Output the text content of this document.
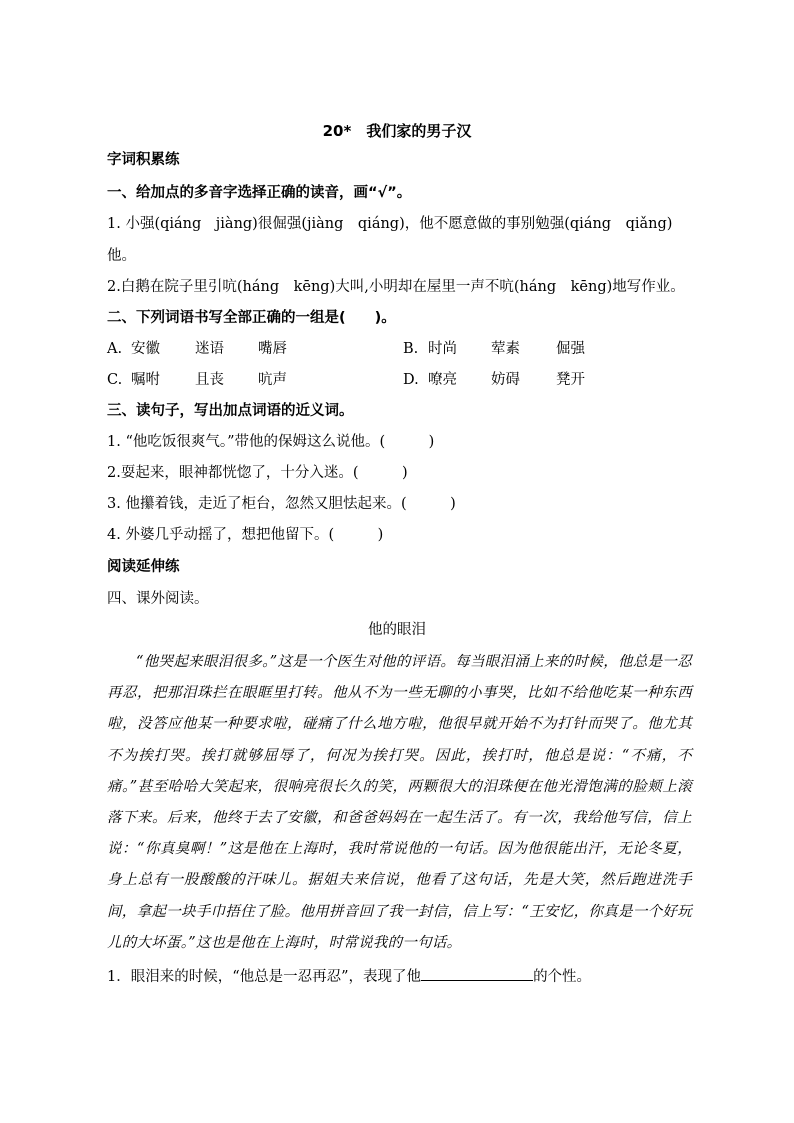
20*　我们家的男子汉
字词积累练
一、给加点的多音字选择正确的读音，画“√”。
1. 小强(qiáng　jiàng)很倔强(jiàng　qiáng)，他不愿意做的事别勉强(qiáng　qiǎng)
他。
2.白鹅在院子里引吭(háng　kēng)大叫,小明却在屋里一声不吭(háng　kēng)地写作业。
二、下列词语书写全部正确的一组是(　　)。
A. 安徽 迷语 嘴唇	B. 时尚 荤素 倔强
C. 嘱咐 且丧 吭声	D. 嘹亮 妨碍 凳开
三、读句子，写出加点词语的近义词。
1. “他吃饭很爽气。”带他的保姆这么说他。(　　　)
2.耍起来，眼神都恍惚了，十分入迷。(　　　)
3. 他攥着钱，走近了柜台，忽然又胆怯起来。(　　　)
4. 外婆几乎动摇了，想把他留下。(　　　)
阅读延伸练
四、课外阅读。
他的眼泪
“他哭起来眼泪很多。”这是一个医生对他的评语。每当眼泪涌上来的时候，他总是一忍再忍，把那泪珠拦在眼眶里打转。他从不为一些无聊的小事哭，比如不给他吃某一种东西啦，没答应他某一种要求啦，碰痛了什么地方啦，他很早就开始不为打针而哭了。他尤其不为挨打哭。挨打就够屈辱了，何况为挨打哭。因此，挨打时，他总是说：“不痛，不痛。”甚至哈哈大笑起来，很响亮很长久的笑，两颗很大的泪珠便在他光滑饱满的脸颊上滚落下来。后来，他终于去了安徽，和爸爸妈妈在一起生活了。有一次，我给他写信，信上说：“你真臭啊！”这是他在上海时，我时常说他的一句话。因为他很能出汗，无论冬夏，身上总有一股酸酸的汗味儿。据姐夫来信说，他看了这句话，先是大笑，然后跑进洗手间，拿起一块手巾捂住了脸。他用拼音回了我一封信，信上写：“王安忆，你真是一个好玩儿的大坏蛋。”这也是他在上海时，时常说我的一句话。
1．眼泪来的时候，“他总是一忍再忍”，表现了他	的个性。
